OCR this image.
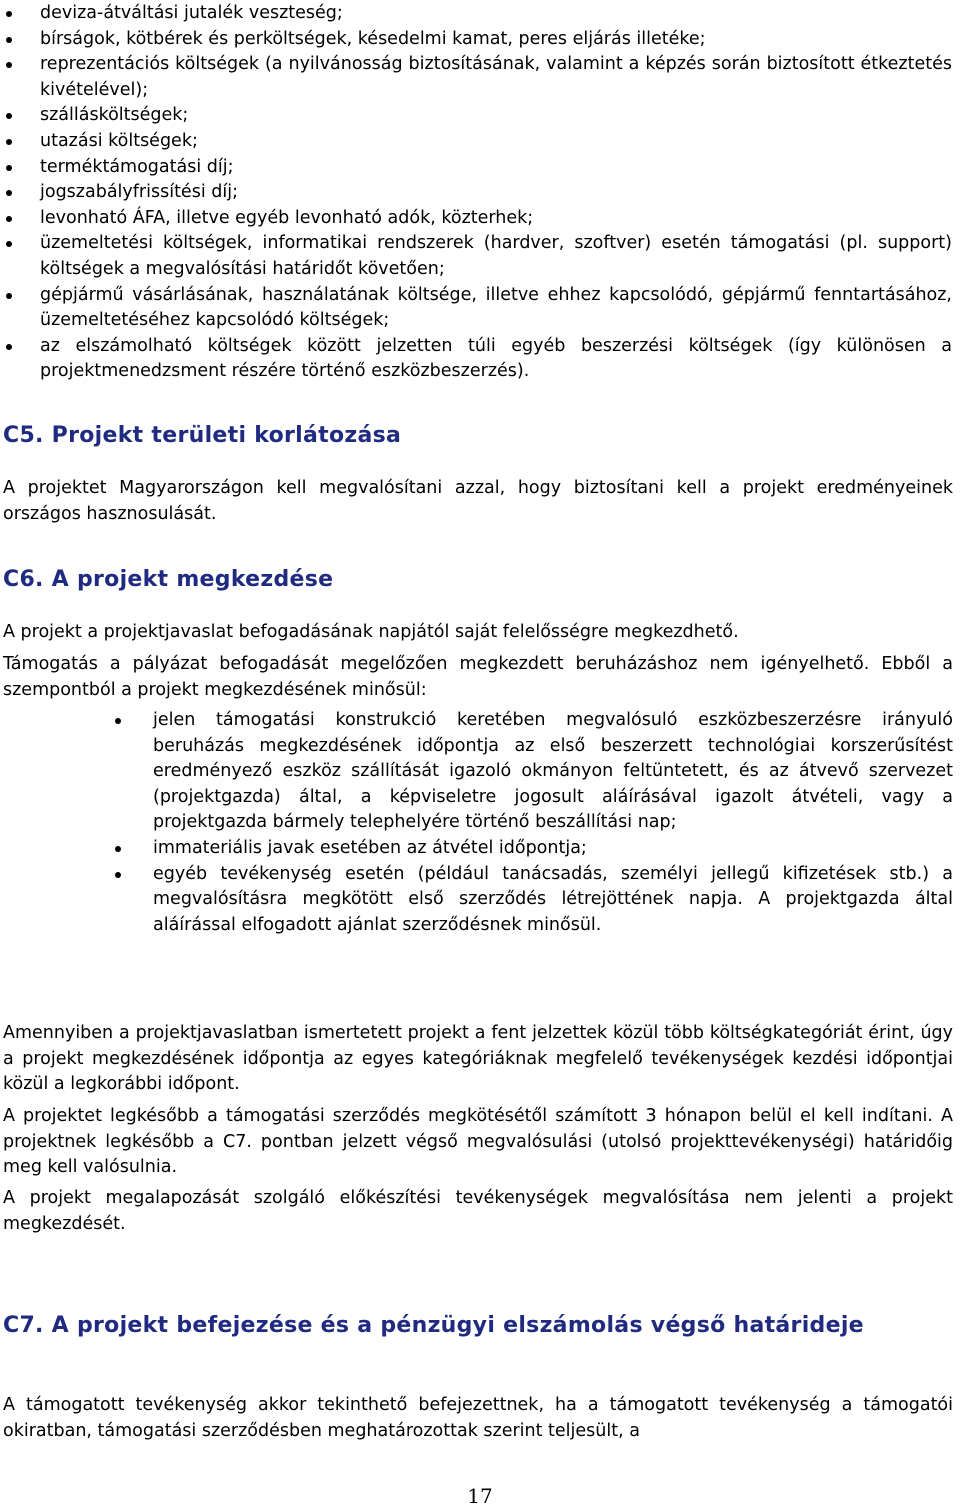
deviza-átváltási jutalék veszteség;
bírságok, kötbérek és perköltségek, késedelmi kamat, peres eljárás illetéke;
reprezentációs költségek (a nyilvánosság biztosításának, valamint a képzés során biztosított étkeztetés kivételével);
szállásköltségek;
utazási költségek;
terméktámogatási díj;
jogszabályfrissítési díj;
levonható ÁFA, illetve egyéb levonható adók, közterhek;
üzemeltetési költségek, informatikai rendszerek (hardver, szoftver) esetén támogatási (pl. support) költségek a megvalósítási határidőt követően;
gépjármű vásárlásának, használatának költsége, illetve ehhez kapcsolódó, gépjármű fenntartásához, üzemeltetéséhez kapcsolódó költségek;
az elszámolható költségek között jelzetten túli egyéb beszerzési költségek (így különösen a projektmenedzsment részére történő eszközbeszerzés).
C5. Projekt területi korlátozása

A projektet Magyarországon kell megvalósítani azzal, hogy biztosítani kell a projekt eredményeinek országos hasznosulását.

C6. A projekt megkezdése

A projekt a projektjavaslat befogadásának napjától saját felelősségre megkezdhető.

Támogatás a pályázat befogadását megelőzően megkezdett beruházáshoz nem igényelhető. Ebből a szempontból a projekt megkezdésének minősül:

jelen támogatási konstrukció keretében megvalósuló eszközbeszerzésre irányuló beruházás megkezdésének időpontja az első beszerzett technológiai korszerűsítést eredményező eszköz szállítását igazoló okmányon feltüntetett, és az átvevő szervezet (projektgazda) által, a képviseletre jogosult aláírásával igazolt átvételi, vagy a projektgazda bármely telephelyére történő beszállítási nap;
immateriális javak esetében az átvétel időpontja;
egyéb tevékenység esetén (például tanácsadás, személyi jellegű kifizetések stb.) a megvalósításra megkötött első szerződés létrejöttének napja. A projektgazda által aláírással elfogadott ajánlat szerződésnek minősül.

Amennyiben a projektjavaslatban ismertetett projekt a fent jelzettek közül több költségkategóriát érint, úgy a projekt megkezdésének időpontja az egyes kategóriáknak megfelelő tevékenységek kezdési időpontjai közül a legkorábbi időpont.

A projektet legkésőbb a támogatási szerződés megkötésétől számított 3 hónapon belül el kell indítani. A projektnek legkésőbb a C7. pontban jelzett végső megvalósulási (utolsó projekttevékenységi) határidőig meg kell valósulnia.

A projekt megalapozását szolgáló előkészítési tevékenységek megvalósítása nem jelenti a projekt megkezdését.

C7. A projekt befejezése és a pénzügyi elszámolás végső határideje

A támogatott tevékenység akkor tekinthető befejezettnek, ha a támogatott tevékenység a támogatói okiratban, támogatási szerződésben meghatározottak szerint teljesült, a

17
